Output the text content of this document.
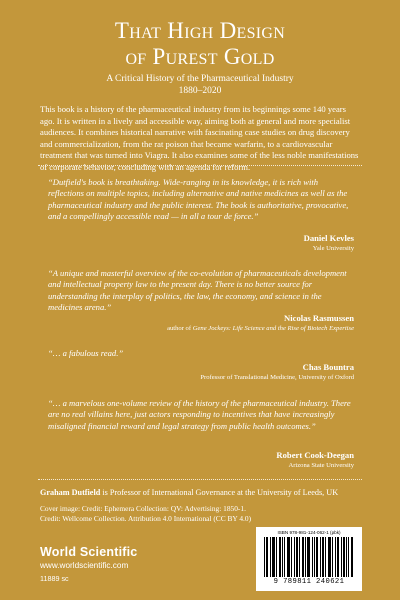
That High Design
of Purest Gold
A Critical History of the Pharmaceutical Industry
1880–2020

This book is a history of the pharmaceutical industry from its beginnings some 140 years ago. It is written in a lively and accessible way, aiming both at general and more specialist audiences. It combines historical narrative with fascinating case studies on drug discovery and commercialization, from the rat poison that became warfarin, to a cardiovascular treatment that was turned into Viagra. It also examines some of the less noble manifestations of corporate behavior, concluding with an agenda for reform.

“Dutfield's book is breathtaking. Wide-ranging in its knowledge, it is rich with reflections on multiple topics, including alternative and native medicines as well as the pharmaceutical industry and the public interest. The book is authoritative, provocative, and a compellingly accessible read — in all a tour de force.”

Daniel Kevles
Yale University

“A unique and masterful overview of the co-evolution of pharmaceuticals development and intellectual property law to the present day. There is no better source for understanding the interplay of politics, the law, the economy, and science in the medicines arena.”

Nicolas Rasmussen
author of Gene Jockeys: Life Science and the Rise of Biotech Expertise

“… a fabulous read.”

Chas Bountra
Professor of Translational Medicine, University of Oxford

“… a marvelous one-volume review of the history of the pharmaceutical industry. There are no real villains here, just actors responding to incentives that have increasingly misaligned financial reward and legal strategy from public health outcomes.”

Robert Cook-Deegan
Arizona State University
Graham Dutfield is Professor of International Governance at the University of Leeds, UK
Cover image: Credit: Ephemera Collection: QV: Advertising: 1850-1.
Credit: Wellcome Collection. Attribution 4.0 International (CC BY 4.0)
World Scientific
www.worldscientific.com
11889 sc
ISBN 978-981-124-062-1 (pbk)
9 789811 240621
